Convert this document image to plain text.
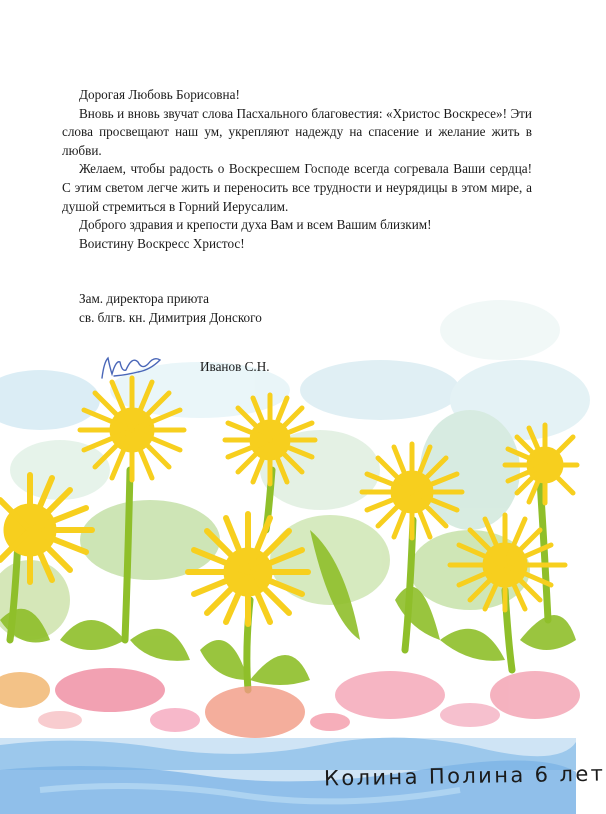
Дорогая Любовь Борисовна!

Вновь и вновь звучат слова Пасхального благовестия: «Христос Воскресе»! Эти слова просвещают наш ум, укрепляют надежду на спасение и желание жить в любви.

Желаем, чтобы радость о Воскресшем Господе всегда согревала Ваши сердца! С этим светом легче жить и переносить все трудности и неурядицы в этом мире, а душой стремиться в Горний Иерусалим.

Доброго здравия и крепости духа Вам и всем Вашим близким!

Воистину Воскресс Христос!

Зам. директора приюта
св. блгв. кн. Димитрия Донского
Иванов С.Н.
Колина Полина 6 лет
